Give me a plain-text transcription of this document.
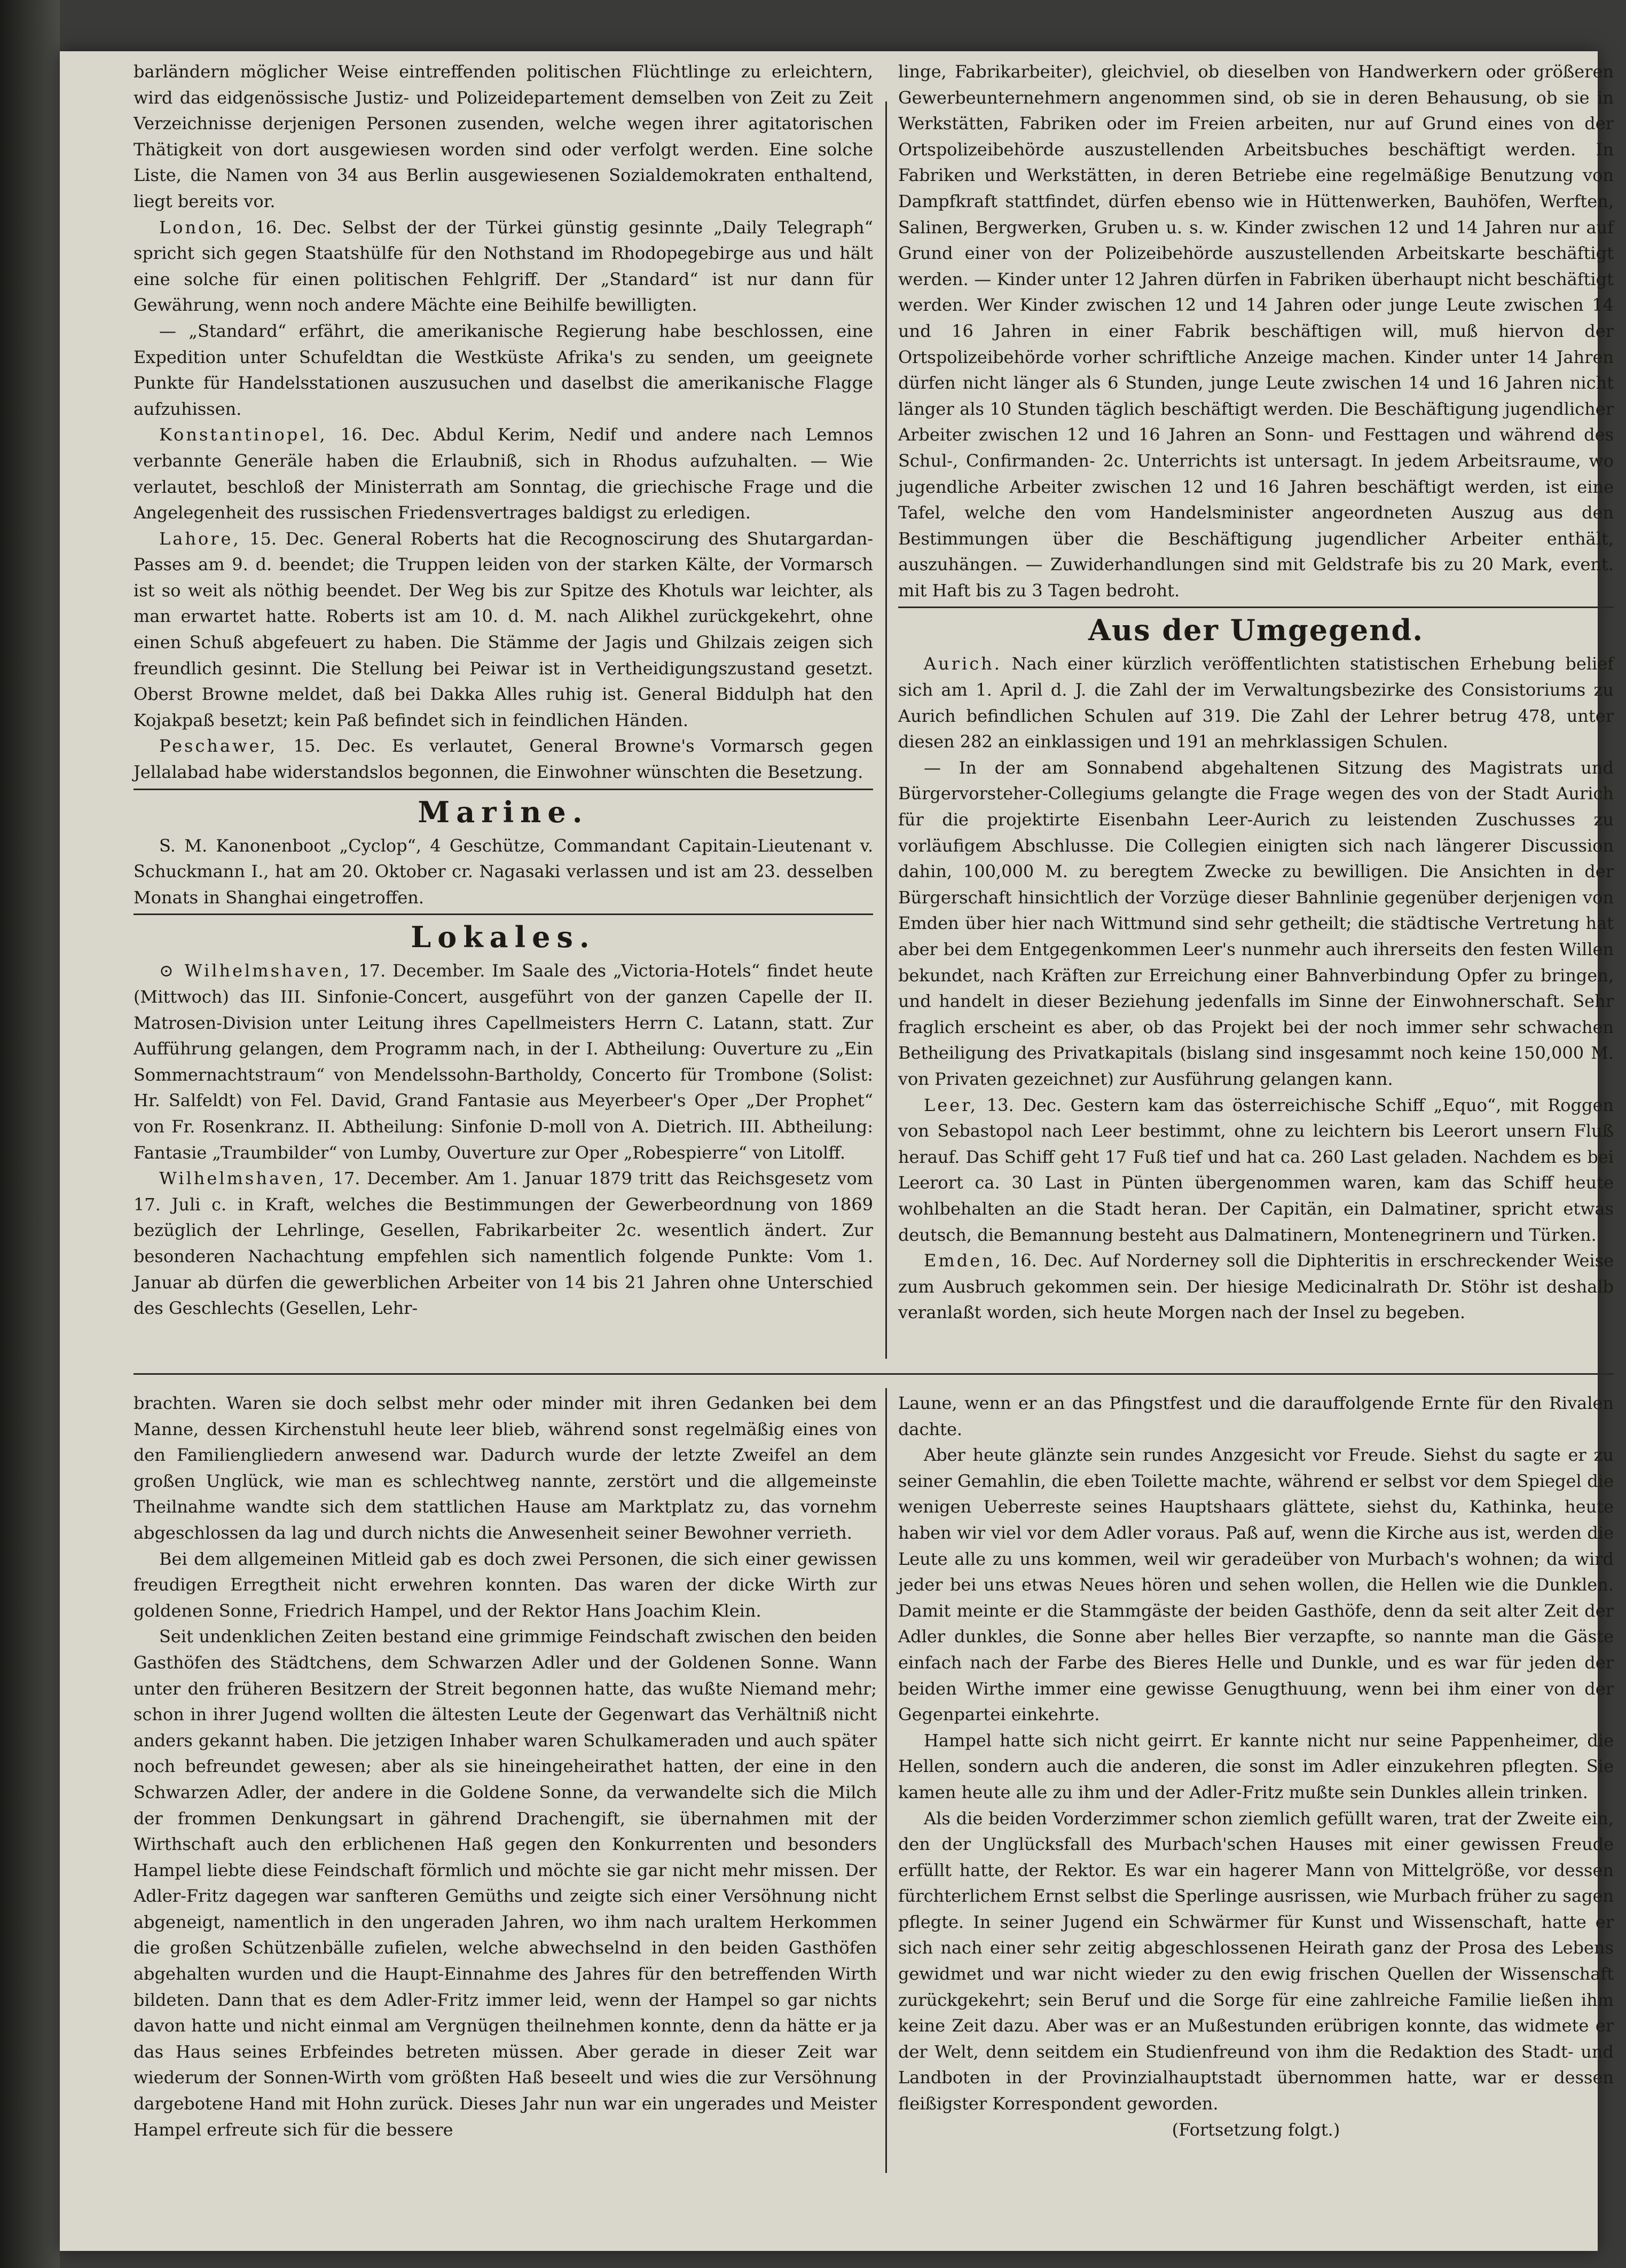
barländern möglicher Weise eintreffenden politischen Flüchtlinge zu erleichtern, wird das eidgenössische Justiz- und Polizeidepartement demselben von Zeit zu Zeit Verzeichnisse derjenigen Personen zusenden, welche wegen ihrer agitatorischen Thätigkeit von dort ausgewiesen worden sind oder verfolgt werden. Eine solche Liste, die Namen von 34 aus Berlin ausgewiesenen Sozialdemokraten enthaltend, liegt bereits vor.

London, 16. Dec. Selbst der der Türkei günstig gesinnte „Daily Telegraph“ spricht sich gegen Staatshülfe für den Nothstand im Rhodopegebirge aus und hält eine solche für einen politischen Fehlgriff. Der „Standard“ ist nur dann für Gewährung, wenn noch andere Mächte eine Beihilfe bewilligten.

— „Standard“ erfährt, die amerikanische Regierung habe beschlossen, eine Expedition unter Schufeldtan die Westküste Afrika's zu senden, um geeignete Punkte für Handelsstationen auszusuchen und daselbst die amerikanische Flagge aufzuhissen.

Konstantinopel, 16. Dec. Abdul Kerim, Nedif und andere nach Lemnos verbannte Generäle haben die Erlaubniß, sich in Rhodus aufzuhalten. — Wie verlautet, beschloß der Ministerrath am Sonntag, die griechische Frage und die Angelegenheit des russischen Friedensvertrages baldigst zu erledigen.

Lahore, 15. Dec. General Roberts hat die Recognoscirung des Shutargardan-Passes am 9. d. beendet; die Truppen leiden von der starken Kälte, der Vormarsch ist so weit als nöthig beendet. Der Weg bis zur Spitze des Khotuls war leichter, als man erwartet hatte. Roberts ist am 10. d. M. nach Alikhel zurückgekehrt, ohne einen Schuß abgefeuert zu haben. Die Stämme der Jagis und Ghilzais zeigen sich freundlich gesinnt. Die Stellung bei Peiwar ist in Vertheidigungszustand gesetzt. Oberst Browne meldet, daß bei Dakka Alles ruhig ist. General Biddulph hat den Kojakpaß besetzt; kein Paß befindet sich in feindlichen Händen.

Peschawer, 15. Dec. Es verlautet, General Browne's Vormarsch gegen Jellalabad habe widerstandslos begonnen, die Einwohner wünschten die Besetzung.

Marine.

S. M. Kanonenboot „Cyclop“, 4 Geschütze, Commandant Capitain-Lieutenant v. Schuckmann I., hat am 20. Oktober cr. Nagasaki verlassen und ist am 23. desselben Monats in Shanghai eingetroffen.

Lokales.

⊙ Wilhelmshaven, 17. December. Im Saale des „Victoria-Hotels“ findet heute (Mittwoch) das III. Sinfonie-Concert, ausgeführt von der ganzen Capelle der II. Matrosen-Division unter Leitung ihres Capellmeisters Herrn C. Latann, statt. Zur Aufführung gelangen, dem Programm nach, in der I. Abtheilung: Ouverture zu „Ein Sommernachtstraum“ von Mendelssohn-Bartholdy, Concerto für Trombone (Solist: Hr. Salfeldt) von Fel. David, Grand Fantasie aus Meyerbeer's Oper „Der Prophet“ von Fr. Rosenkranz. II. Abtheilung: Sinfonie D-moll von A. Dietrich. III. Abtheilung: Fantasie „Traumbilder“ von Lumby, Ouverture zur Oper „Robespierre“ von Litolff.

Wilhelmshaven, 17. December. Am 1. Januar 1879 tritt das Reichsgesetz vom 17. Juli c. in Kraft, welches die Bestimmungen der Gewerbeordnung von 1869 bezüglich der Lehrlinge, Gesellen, Fabrikarbeiter 2c. wesentlich ändert. Zur besonderen Nachachtung empfehlen sich namentlich folgende Punkte: Vom 1. Januar ab dürfen die gewerblichen Arbeiter von 14 bis 21 Jahren ohne Unterschied des Geschlechts (Gesellen, Lehr-

linge, Fabrikarbeiter), gleichviel, ob dieselben von Handwerkern oder größeren Gewerbeunternehmern angenommen sind, ob sie in deren Behausung, ob sie in Werkstätten, Fabriken oder im Freien arbeiten, nur auf Grund eines von der Ortspolizeibehörde auszustellenden Arbeitsbuches beschäftigt werden. In Fabriken und Werkstätten, in deren Betriebe eine regelmäßige Benutzung von Dampfkraft stattfindet, dürfen ebenso wie in Hüttenwerken, Bauhöfen, Werften, Salinen, Bergwerken, Gruben u. s. w. Kinder zwischen 12 und 14 Jahren nur auf Grund einer von der Polizeibehörde auszustellenden Arbeitskarte beschäftigt werden. — Kinder unter 12 Jahren dürfen in Fabriken überhaupt nicht beschäftigt werden. Wer Kinder zwischen 12 und 14 Jahren oder junge Leute zwischen 14 und 16 Jahren in einer Fabrik beschäftigen will, muß hiervon der Ortspolizeibehörde vorher schriftliche Anzeige machen. Kinder unter 14 Jahren dürfen nicht länger als 6 Stunden, junge Leute zwischen 14 und 16 Jahren nicht länger als 10 Stunden täglich beschäftigt werden. Die Beschäftigung jugendlicher Arbeiter zwischen 12 und 16 Jahren an Sonn- und Festtagen und während des Schul-, Confirmanden- 2c. Unterrichts ist untersagt. In jedem Arbeitsraume, wo jugendliche Arbeiter zwischen 12 und 16 Jahren beschäftigt werden, ist eine Tafel, welche den vom Handelsminister angeordneten Auszug aus den Bestimmungen über die Beschäftigung jugendlicher Arbeiter enthält, auszuhängen. — Zuwiderhandlungen sind mit Geldstrafe bis zu 20 Mark, event. mit Haft bis zu 3 Tagen bedroht.

Aus der Umgegend.

Aurich. Nach einer kürzlich veröffentlichten statistischen Erhebung belief sich am 1. April d. J. die Zahl der im Verwaltungsbezirke des Consistoriums zu Aurich befindlichen Schulen auf 319. Die Zahl der Lehrer betrug 478, unter diesen 282 an einklassigen und 191 an mehrklassigen Schulen.

— In der am Sonnabend abgehaltenen Sitzung des Magistrats und Bürgervorsteher-Collegiums gelangte die Frage wegen des von der Stadt Aurich für die projektirte Eisenbahn Leer-Aurich zu leistenden Zuschusses zu vorläufigem Abschlusse. Die Collegien einigten sich nach längerer Discussion dahin, 100,000 M. zu beregtem Zwecke zu bewilligen. Die Ansichten in der Bürgerschaft hinsichtlich der Vorzüge dieser Bahnlinie gegenüber derjenigen von Emden über hier nach Wittmund sind sehr getheilt; die städtische Vertretung hat aber bei dem Entgegenkommen Leer's nunmehr auch ihrerseits den festen Willen bekundet, nach Kräften zur Erreichung einer Bahnverbindung Opfer zu bringen, und handelt in dieser Beziehung jedenfalls im Sinne der Einwohnerschaft. Sehr fraglich erscheint es aber, ob das Projekt bei der noch immer sehr schwachen Betheiligung des Privatkapitals (bislang sind insgesammt noch keine 150,000 M. von Privaten gezeichnet) zur Ausführung gelangen kann.

Leer, 13. Dec. Gestern kam das österreichische Schiff „Equo“, mit Roggen von Sebastopol nach Leer bestimmt, ohne zu leichtern bis Leerort unsern Fluß herauf. Das Schiff geht 17 Fuß tief und hat ca. 260 Last geladen. Nachdem es bei Leerort ca. 30 Last in Pünten übergenommen waren, kam das Schiff heute wohlbehalten an die Stadt heran. Der Capitän, ein Dalmatiner, spricht etwas deutsch, die Bemannung besteht aus Dalmatinern, Montenegrinern und Türken.

Emden, 16. Dec. Auf Norderney soll die Diphteritis in erschreckender Weise zum Ausbruch gekommen sein. Der hiesige Medicinalrath Dr. Stöhr ist deshalb veranlaßt worden, sich heute Morgen nach der Insel zu begeben.

brachten. Waren sie doch selbst mehr oder minder mit ihren Gedanken bei dem Manne, dessen Kirchenstuhl heute leer blieb, während sonst regelmäßig eines von den Familiengliedern anwesend war. Dadurch wurde der letzte Zweifel an dem großen Unglück, wie man es schlechtweg nannte, zerstört und die allgemeinste Theilnahme wandte sich dem stattlichen Hause am Marktplatz zu, das vornehm abgeschlossen da lag und durch nichts die Anwesenheit seiner Bewohner verrieth.

Bei dem allgemeinen Mitleid gab es doch zwei Personen, die sich einer gewissen freudigen Erregtheit nicht erwehren konnten. Das waren der dicke Wirth zur goldenen Sonne, Friedrich Hampel, und der Rektor Hans Joachim Klein.

Seit undenklichen Zeiten bestand eine grimmige Feindschaft zwischen den beiden Gasthöfen des Städtchens, dem Schwarzen Adler und der Goldenen Sonne. Wann unter den früheren Besitzern der Streit begonnen hatte, das wußte Niemand mehr; schon in ihrer Jugend wollten die ältesten Leute der Gegenwart das Verhältniß nicht anders gekannt haben. Die jetzigen Inhaber waren Schulkameraden und auch später noch befreundet gewesen; aber als sie hineingeheirathet hatten, der eine in den Schwarzen Adler, der andere in die Goldene Sonne, da verwandelte sich die Milch der frommen Denkungsart in gährend Drachengift, sie übernahmen mit der Wirthschaft auch den erblichenen Haß gegen den Konkurrenten und besonders Hampel liebte diese Feindschaft förmlich und möchte sie gar nicht mehr missen. Der Adler-Fritz dagegen war sanfteren Gemüths und zeigte sich einer Versöhnung nicht abgeneigt, namentlich in den ungeraden Jahren, wo ihm nach uraltem Herkommen die großen Schützenbälle zufielen, welche abwechselnd in den beiden Gasthöfen abgehalten wurden und die Haupt-Einnahme des Jahres für den betreffenden Wirth bildeten. Dann that es dem Adler-Fritz immer leid, wenn der Hampel so gar nichts davon hatte und nicht einmal am Vergnügen theilnehmen konnte, denn da hätte er ja das Haus seines Erbfeindes betreten müssen. Aber gerade in dieser Zeit war wiederum der Sonnen-Wirth vom größten Haß beseelt und wies die zur Versöhnung dargebotene Hand mit Hohn zurück. Dieses Jahr nun war ein ungerades und Meister Hampel erfreute sich für die bessere

Laune, wenn er an das Pfingstfest und die darauffolgende Ernte für den Rivalen dachte.

Aber heute glänzte sein rundes Anzgesicht vor Freude. Siehst du sagte er zu seiner Gemahlin, die eben Toilette machte, während er selbst vor dem Spiegel die wenigen Ueberreste seines Hauptshaars glättete, siehst du, Kathinka, heute haben wir viel vor dem Adler voraus. Paß auf, wenn die Kirche aus ist, werden die Leute alle zu uns kommen, weil wir geradeüber von Murbach's wohnen; da wird jeder bei uns etwas Neues hören und sehen wollen, die Hellen wie die Dunklen. Damit meinte er die Stammgäste der beiden Gasthöfe, denn da seit alter Zeit der Adler dunkles, die Sonne aber helles Bier verzapfte, so nannte man die Gäste einfach nach der Farbe des Bieres Helle und Dunkle, und es war für jeden der beiden Wirthe immer eine gewisse Genugthuung, wenn bei ihm einer von der Gegenpartei einkehrte.

Hampel hatte sich nicht geirrt. Er kannte nicht nur seine Pappenheimer, die Hellen, sondern auch die anderen, die sonst im Adler einzukehren pflegten. Sie kamen heute alle zu ihm und der Adler-Fritz mußte sein Dunkles allein trinken.

Als die beiden Vorderzimmer schon ziemlich gefüllt waren, trat der Zweite ein, den der Unglücksfall des Murbach'schen Hauses mit einer gewissen Freude erfüllt hatte, der Rektor. Es war ein hagerer Mann von Mittelgröße, vor dessen fürchterlichem Ernst selbst die Sperlinge ausrissen, wie Murbach früher zu sagen pflegte. In seiner Jugend ein Schwärmer für Kunst und Wissenschaft, hatte er sich nach einer sehr zeitig abgeschlossenen Heirath ganz der Prosa des Lebens gewidmet und war nicht wieder zu den ewig frischen Quellen der Wissenschaft zurückgekehrt; sein Beruf und die Sorge für eine zahlreiche Familie ließen ihm keine Zeit dazu. Aber was er an Mußestunden erübrigen konnte, das widmete er der Welt, denn seitdem ein Studienfreund von ihm die Redaktion des Stadt- und Landboten in der Provinzialhauptstadt übernommen hatte, war er dessen fleißigster Korrespondent geworden.

(Fortsetzung folgt.)
